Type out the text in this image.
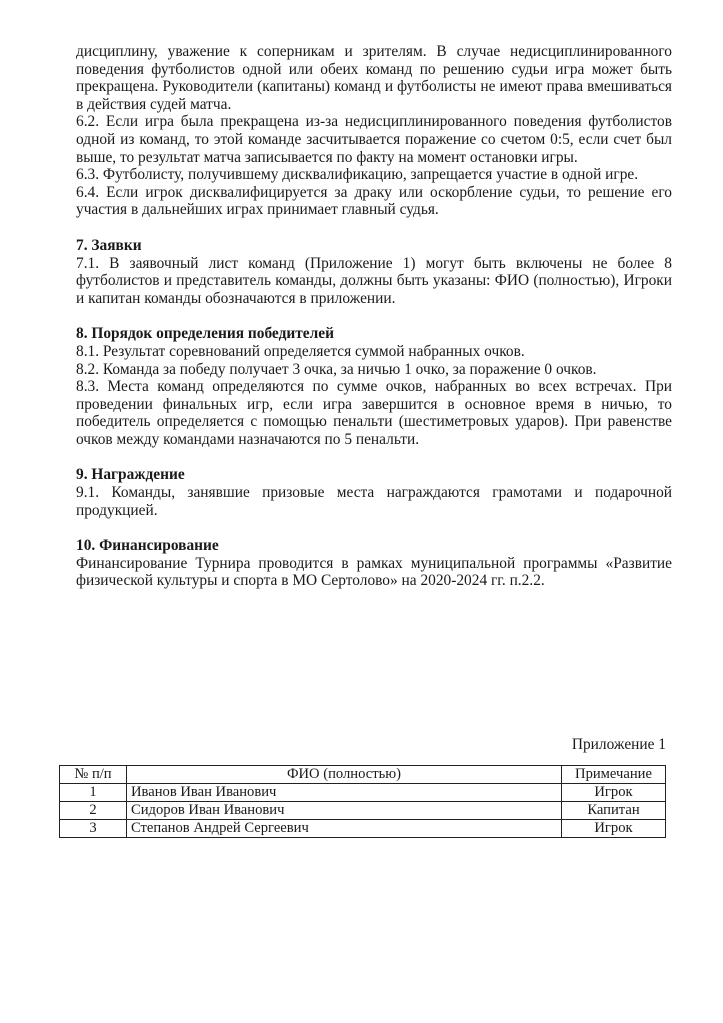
дисциплину, уважение к соперникам и зрителям. В случае недисциплинированного поведения футболистов одной или обеих команд по решению судьи игра может быть прекращена. Руководители (капитаны) команд и футболисты не имеют права вмешиваться в действия судей матча.

6.2. Если игра была прекращена из-за недисциплинированного поведения футболистов одной из команд, то этой команде засчитывается поражение со счетом 0:5, если счет был выше, то результат матча записывается по факту на момент остановки игры.

6.3. Футболисту, получившему дисквалификацию, запрещается участие в одной игре.

6.4. Если игрок дисквалифицируется за драку или оскорбление судьи, то решение его участия в дальнейших играх принимает главный судья.

7. Заявки

7.1. В заявочный лист команд (Приложение 1) могут быть включены не более 8 футболистов и представитель команды, должны быть указаны: ФИО (полностью), Игроки и капитан команды обозначаются в приложении.

8. Порядок определения победителей

8.1. Результат соревнований определяется суммой набранных очков.

8.2. Команда за победу получает 3 очка, за ничью 1 очко, за поражение 0 очков.

8.3. Места команд определяются по сумме очков, набранных во всех встречах. При проведении финальных игр, если игра завершится в основное время в ничью, то победитель определяется с помощью пенальти (шестиметровых ударов). При равенстве очков между командами назначаются по 5 пенальти.

9. Награждение

9.1. Команды, занявшие призовые места награждаются грамотами и подарочной продукцией.

10. Финансирование

Финансирование Турнира проводится в рамках муниципальной программы «Развитие физической культуры и спорта в МО Сертолово» на 2020-2024 гг. п.2.2.

Приложение 1
№ п/п	ФИО (полностью)	Примечание
1	Иванов Иван Иванович	Игрок
2	Сидоров Иван Иванович	Капитан
3	Степанов Андрей Сергеевич	Игрок
